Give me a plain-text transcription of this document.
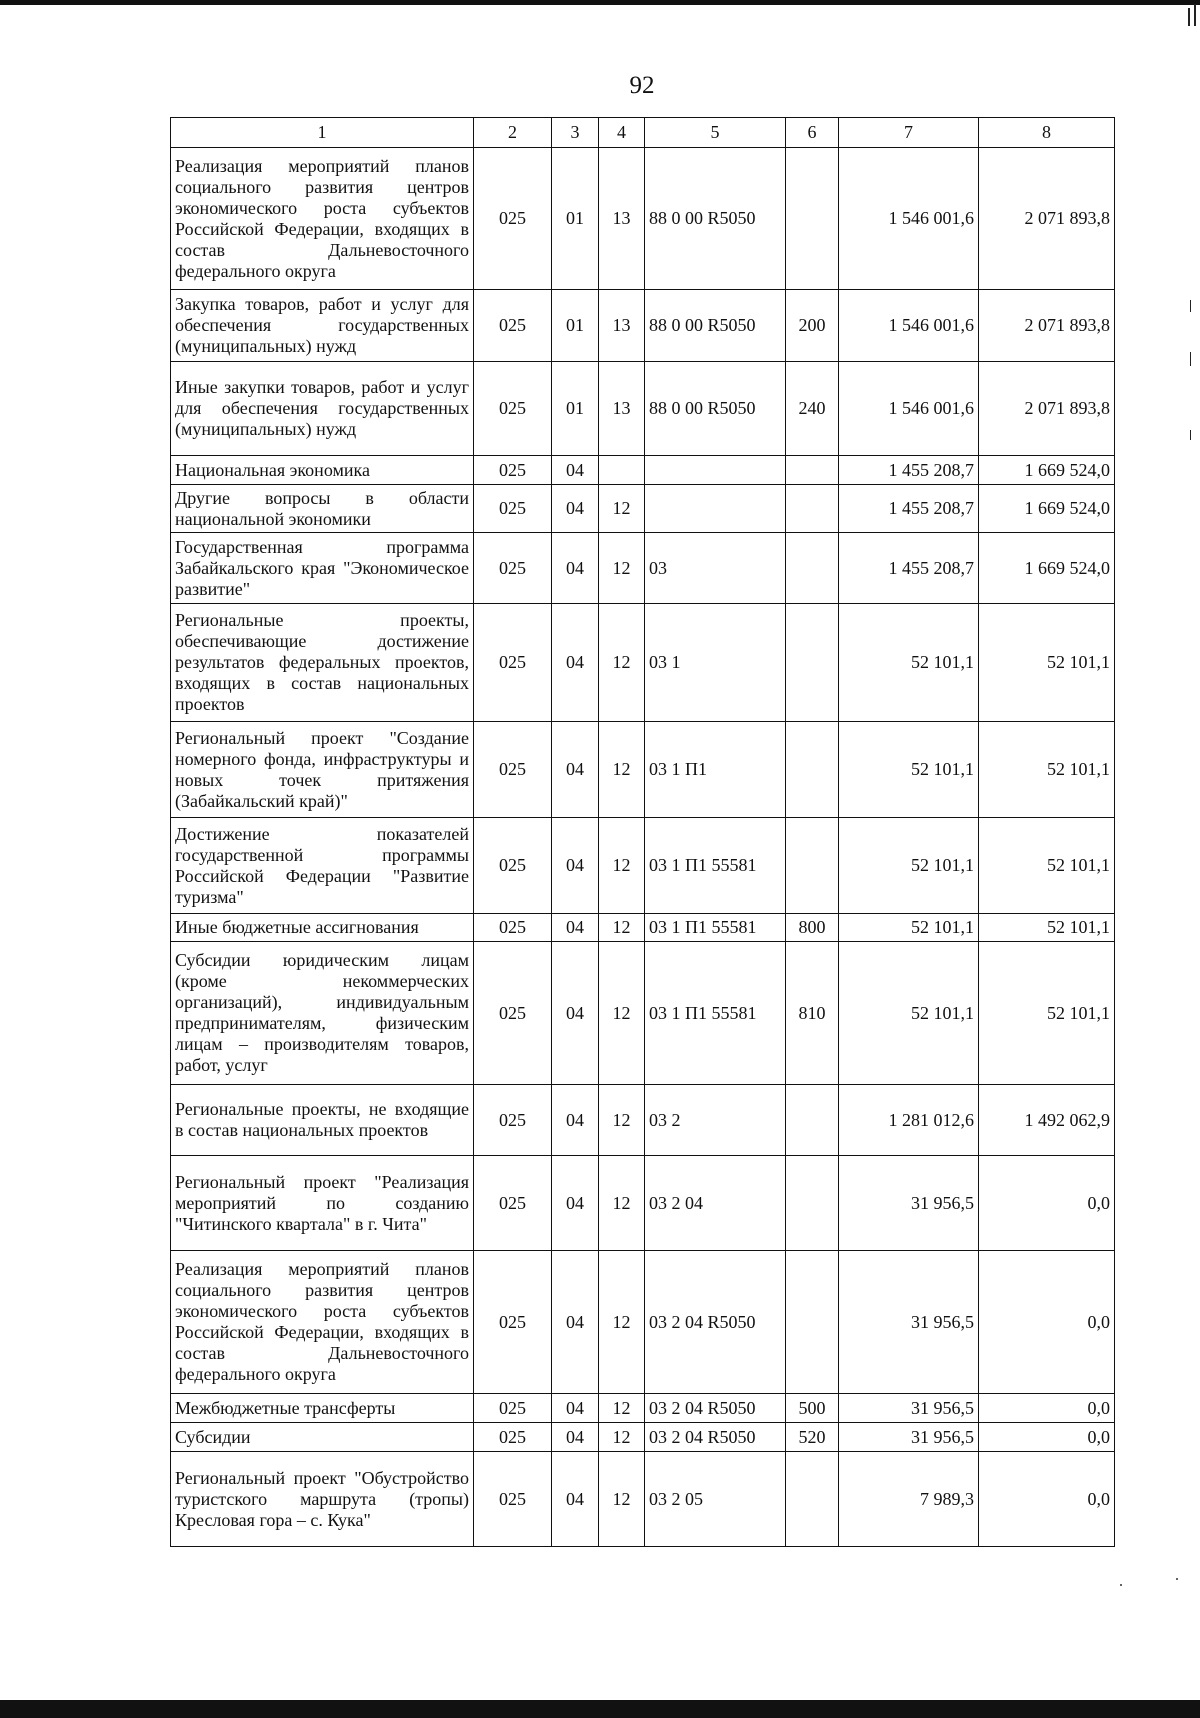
92
1	2	3	4	5	6	7	8
Реализация мероприятий планов социального развития центров экономического роста субъектов Российской Федерации, входящих в состав Дальневосточного федерального округа	025	01	13	88 0 00 R5050		1 546 001,6	2 071 893,8
Закупка товаров, работ и услуг для обеспечения государственных (муниципальных) нужд	025	01	13	88 0 00 R5050	200	1 546 001,6	2 071 893,8
Иные закупки товаров, работ и услуг для обеспечения государственных (муниципальных) нужд	025	01	13	88 0 00 R5050	240	1 546 001,6	2 071 893,8
Национальная экономика	025	04				1 455 208,7	1 669 524,0
Другие вопросы в области национальной экономики	025	04	12			1 455 208,7	1 669 524,0
Государственная программа Забайкальского края "Экономическое развитие"	025	04	12	03		1 455 208,7	1 669 524,0
Региональные проекты, обеспечивающие достижение результатов федеральных проектов, входящих в состав национальных проектов	025	04	12	03 1		52 101,1	52 101,1
Региональный проект "Создание номерного фонда, инфраструктуры и новых точек притяжения (Забайкальский край)"	025	04	12	03 1 П1		52 101,1	52 101,1
Достижение показателей государственной программы Российской Федерации "Развитие туризма"	025	04	12	03 1 П1 55581		52 101,1	52 101,1
Иные бюджетные ассигнования	025	04	12	03 1 П1 55581	800	52 101,1	52 101,1
Субсидии юридическим лицам (кроме некоммерческих организаций), индивидуальным предпринимателям, физическим лицам – производителям товаров, работ, услуг	025	04	12	03 1 П1 55581	810	52 101,1	52 101,1
Региональные проекты, не входящие в состав национальных проектов	025	04	12	03 2		1 281 012,6	1 492 062,9
Региональный проект "Реализация мероприятий по созданию "Читинского квартала" в г. Чита"	025	04	12	03 2 04		31 956,5	0,0
Реализация мероприятий планов социального развития центров экономического роста субъектов Российской Федерации, входящих в состав Дальневосточного федерального округа	025	04	12	03 2 04 R5050		31 956,5	0,0
Межбюджетные трансферты	025	04	12	03 2 04 R5050	500	31 956,5	0,0
Субсидии	025	04	12	03 2 04 R5050	520	31 956,5	0,0
Региональный проект "Обустройство туристского маршрута (тропы) Кресловая гора – с. Кука"	025	04	12	03 2 05		7 989,3	0,0
